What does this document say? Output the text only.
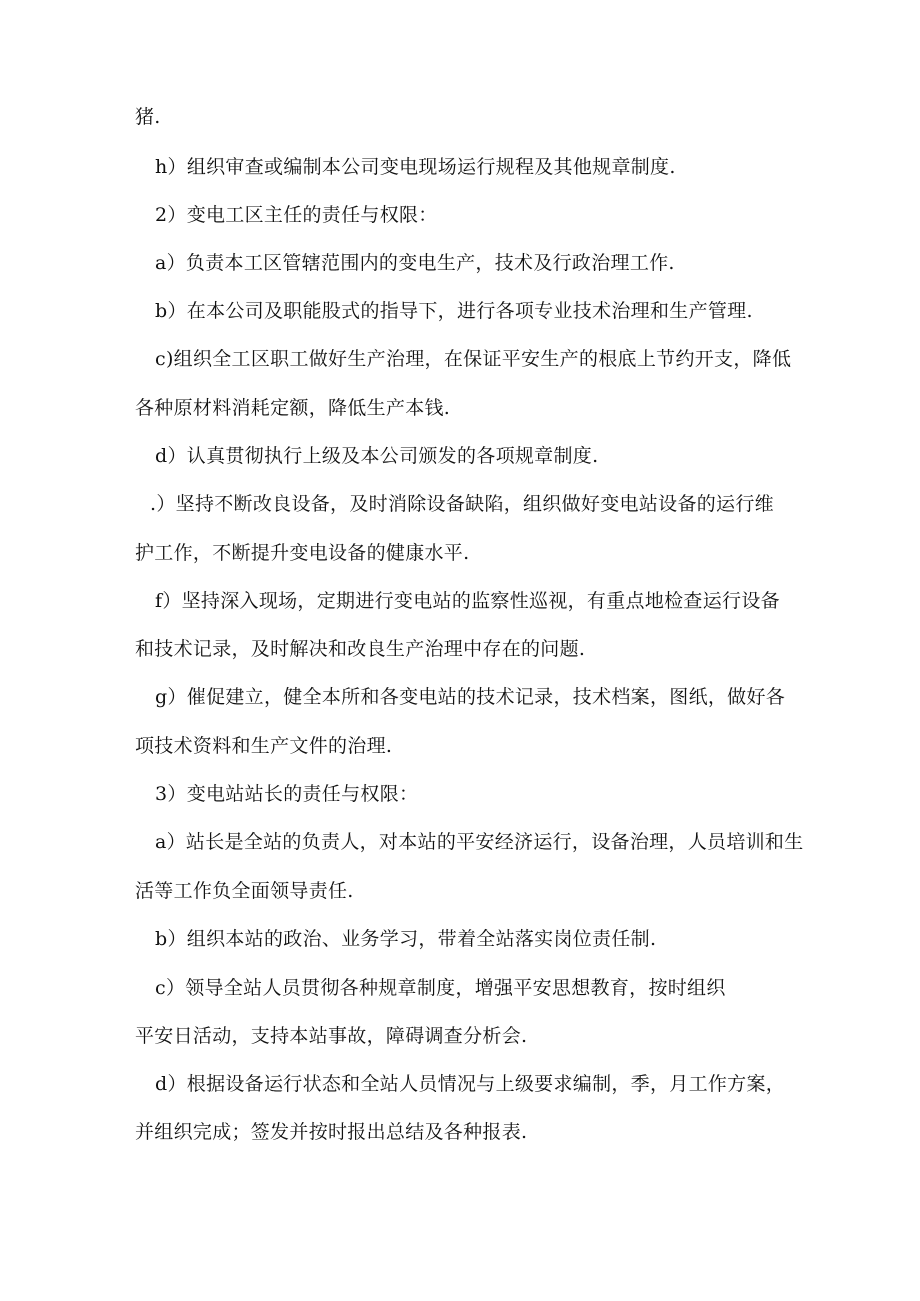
猪.
h）组织审查或编制本公司变电现场运行规程及其他规章制度.
2）变电工区主任的责任与权限：
a）负责本工区管辖范围内的变电生产，技术及行政治理工作.
b）在本公司及职能股式的指导下，进行各项专业技术治理和生产管理.
c)组织全工区职工做好生产治理，在保证平安生产的根底上节约开支，降低
各种原材料消耗定额，降低生产本钱.
d）认真贯彻执行上级及本公司颁发的各项规章制度.
.）坚持不断改良设备，及时消除设备缺陷，组织做好变电站设备的运行维
护工作，不断提升变电设备的健康水平.
f）坚持深入现场，定期进行变电站的监察性巡视，有重点地检查运行设备
和技术记录，及时解决和改良生产治理中存在的问题.
g）催促建立，健全本所和各变电站的技术记录，技术档案，图纸，做好各
项技术资料和生产文件的治理.
3）变电站站长的责任与权限：
a）站长是全站的负责人，对本站的平安经济运行，设备治理，人员培训和生
活等工作负全面领导责任.
b）组织本站的政治、业务学习，带着全站落实岗位责任制.
c）领导全站人员贯彻各种规章制度，增强平安思想教育，按时组织
平安日活动，支持本站事故，障碍调查分析会.
d）根据设备运行状态和全站人员情况与上级要求编制，季，月工作方案，
并组织完成；签发并按时报出总结及各种报表.
